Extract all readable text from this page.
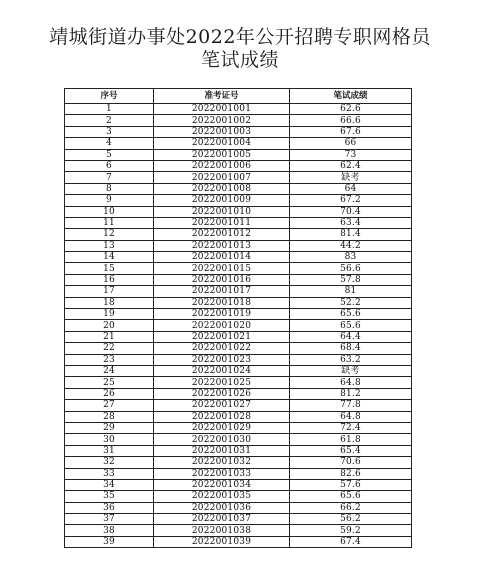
靖城街道办事处2022年公开招聘专职网格员
笔试成绩
序号	准考证号	笔试成绩
1	2022001001	62.6
2	2022001002	66.6
3	2022001003	67.6
4	2022001004	66
5	2022001005	73
6	2022001006	62.4
7	2022001007	缺考
8	2022001008	64
9	2022001009	67.2
10	2022001010	70.4
11	2022001011	63.4
12	2022001012	81.4
13	2022001013	44.2
14	2022001014	83
15	2022001015	56.6
16	2022001016	57.8
17	2022001017	81
18	2022001018	52.2
19	2022001019	65.6
20	2022001020	65.6
21	2022001021	64.4
22	2022001022	68.4
23	2022001023	63.2
24	2022001024	缺考
25	2022001025	64.8
26	2022001026	81.2
27	2022001027	77.8
28	2022001028	64.8
29	2022001029	72.4
30	2022001030	61.8
31	2022001031	65.4
32	2022001032	70.6
33	2022001033	82.6
34	2022001034	57.6
35	2022001035	65.6
36	2022001036	66.2
37	2022001037	56.2
38	2022001038	59.2
39	2022001039	67.4
